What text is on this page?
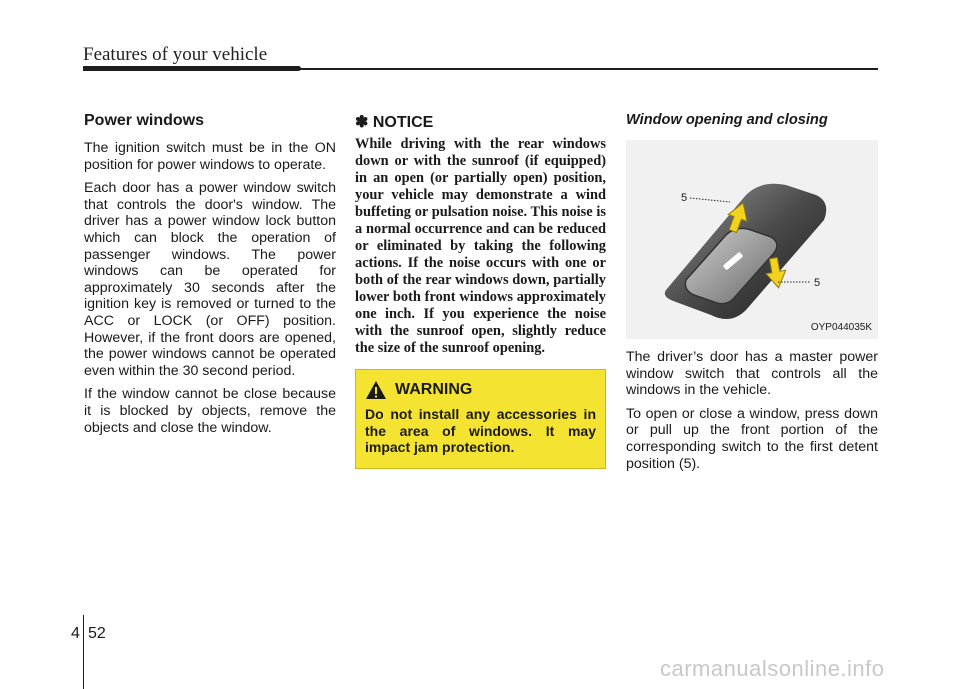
Features of your vehicle
Power windows

The ignition switch must be in the ON position for power windows to operate.

Each door has a power window switch that controls the door's window. The driver has a power window lock button which can block the operation of passenger windows. The power windows can be operated for approximately 30 seconds after the ignition key is removed or turned to the ACC or LOCK (or OFF) position. However, if the front doors are opened, the power windows cannot be operated even within the 30 second period.

If the window cannot be close because it is blocked by objects, remove the objects and close the window.

✽ NOTICE

While driving with the rear windows down or with the sunroof (if equipped) in an open (or partially open) position, your vehicle may demonstrate a wind buffeting or pulsation noise. This noise is a normal occurrence and can be reduced or eliminated by taking the following actions. If the noise occurs with one or both of the rear windows down, partially lower both front windows approximately one inch. If you experience the noise with the sunroof open, slightly reduce the size of the sunroof opening.

WARNING

Do not install any accessories in the area of windows. It may impact jam protection.

Window opening and closing
5
5
OYP044035K

The driver’s door has a master power window switch that controls all the windows in the vehicle.

To open or close a window, press down or pull up the front portion of the corresponding switch to the first detent position (5).

4 52
carmanualsonline.info
